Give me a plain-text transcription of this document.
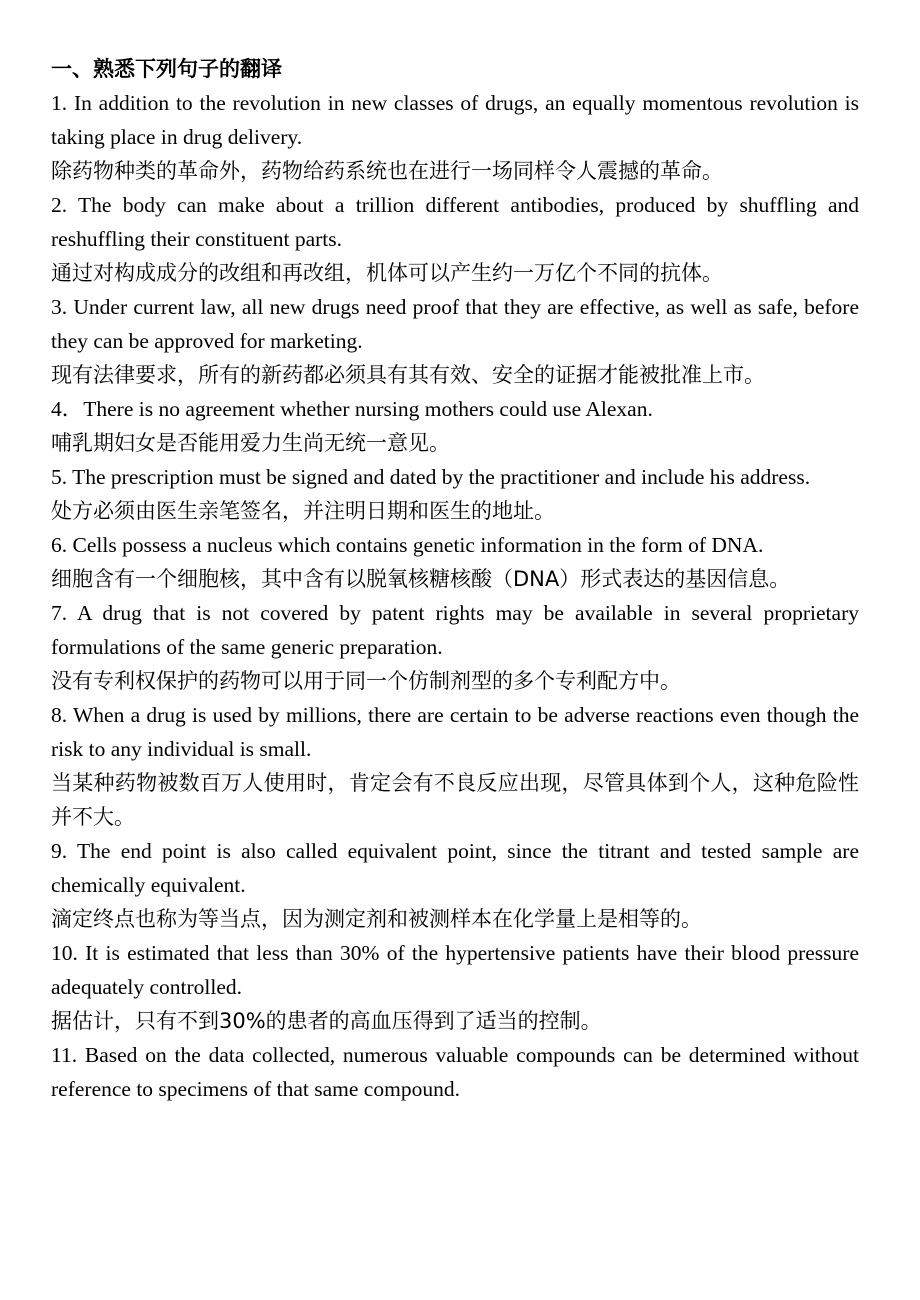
一、熟悉下列句子的翻译

1. In addition to the revolution in new classes of drugs, an equally momentous revolution is taking place in drug delivery.

除药物种类的革命外，药物给药系统也在进行一场同样令人震撼的革命。

2. The body can make about a trillion different antibodies, produced by shuffling and reshuffling their constituent parts.

通过对构成成分的改组和再改组，机体可以产生约一万亿个不同的抗体。

3. Under current law, all new drugs need proof that they are effective, as well as safe, before they can be approved for marketing.

现有法律要求，所有的新药都必须具有其有效、安全的证据才能被批准上市。

4．There is no agreement whether nursing mothers could use Alexan.

哺乳期妇女是否能用爱力生尚无统一意见。

5. The prescription must be signed and dated by the practitioner and include his address.

处方必须由医生亲笔签名，并注明日期和医生的地址。

6. Cells possess a nucleus which contains genetic information in the form of DNA.

细胞含有一个细胞核，其中含有以脱氧核糖核酸（DNA）形式表达的基因信息。

7. A drug that is not covered by patent rights may be available in several proprietary formulations of the same generic preparation.

没有专利权保护的药物可以用于同一个仿制剂型的多个专利配方中。

8. When a drug is used by millions, there are certain to be adverse reactions even though the risk to any individual is small.

当某种药物被数百万人使用时，肯定会有不良反应出现，尽管具体到个人，这种危险性并不大。

9. The end point is also called equivalent point, since the titrant and tested sample are chemically equivalent.

滴定终点也称为等当点，因为测定剂和被测样本在化学量上是相等的。

10. It is estimated that less than 30% of the hypertensive patients have their blood pressure adequately controlled.

据估计，只有不到30%的患者的高血压得到了适当的控制。

11. Based on the data collected, numerous valuable compounds can be determined without reference to specimens of that same compound.
